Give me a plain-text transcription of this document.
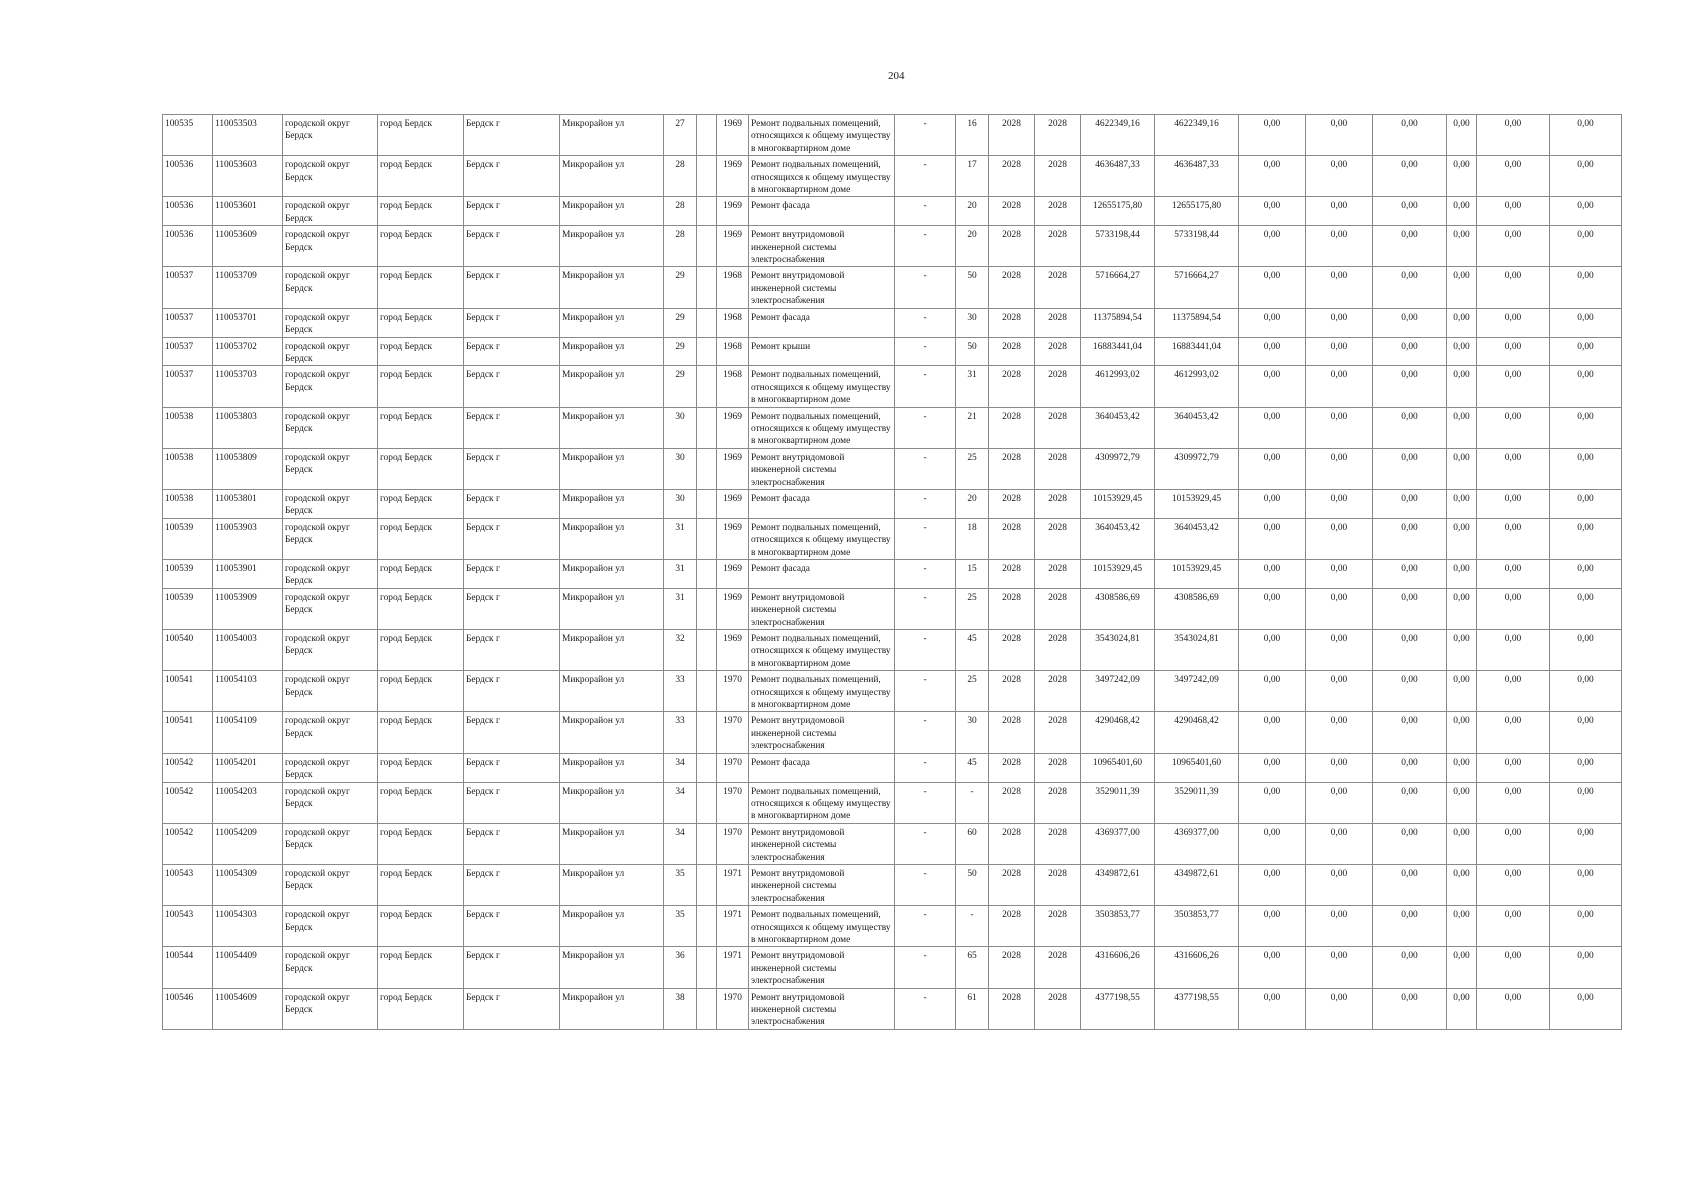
204
100535	110053503	городской округ Бердск	город Бердск	Бердск г	Микрорайон ул	27		1969	Ремонт подвальных помещений, относящихся к общему имуществу в многоквартирном доме	-	16	2028	2028	4622349,16	4622349,16	0,00	0,00	0,00	0,00	0,00	0,00
100536	110053603	городской округ Бердск	город Бердск	Бердск г	Микрорайон ул	28		1969	Ремонт подвальных помещений, относящихся к общему имуществу в многоквартирном доме	-	17	2028	2028	4636487,33	4636487,33	0,00	0,00	0,00	0,00	0,00	0,00
100536	110053601	городской округ Бердск	город Бердск	Бердск г	Микрорайон ул	28		1969	Ремонт фасада	-	20	2028	2028	12655175,80	12655175,80	0,00	0,00	0,00	0,00	0,00	0,00
100536	110053609	городской округ Бердск	город Бердск	Бердск г	Микрорайон ул	28		1969	Ремонт внутридомовой инженерной системы электроснабжения	-	20	2028	2028	5733198,44	5733198,44	0,00	0,00	0,00	0,00	0,00	0,00
100537	110053709	городской округ Бердск	город Бердск	Бердск г	Микрорайон ул	29		1968	Ремонт внутридомовой инженерной системы электроснабжения	-	50	2028	2028	5716664,27	5716664,27	0,00	0,00	0,00	0,00	0,00	0,00
100537	110053701	городской округ Бердск	город Бердск	Бердск г	Микрорайон ул	29		1968	Ремонт фасада	-	30	2028	2028	11375894,54	11375894,54	0,00	0,00	0,00	0,00	0,00	0,00
100537	110053702	городской округ Бердск	город Бердск	Бердск г	Микрорайон ул	29		1968	Ремонт крыши	-	50	2028	2028	16883441,04	16883441,04	0,00	0,00	0,00	0,00	0,00	0,00
100537	110053703	городской округ Бердск	город Бердск	Бердск г	Микрорайон ул	29		1968	Ремонт подвальных помещений, относящихся к общему имуществу в многоквартирном доме	-	31	2028	2028	4612993,02	4612993,02	0,00	0,00	0,00	0,00	0,00	0,00
100538	110053803	городской округ Бердск	город Бердск	Бердск г	Микрорайон ул	30		1969	Ремонт подвальных помещений, относящихся к общему имуществу в многоквартирном доме	-	21	2028	2028	3640453,42	3640453,42	0,00	0,00	0,00	0,00	0,00	0,00
100538	110053809	городской округ Бердск	город Бердск	Бердск г	Микрорайон ул	30		1969	Ремонт внутридомовой инженерной системы электроснабжения	-	25	2028	2028	4309972,79	4309972,79	0,00	0,00	0,00	0,00	0,00	0,00
100538	110053801	городской округ Бердск	город Бердск	Бердск г	Микрорайон ул	30		1969	Ремонт фасада	-	20	2028	2028	10153929,45	10153929,45	0,00	0,00	0,00	0,00	0,00	0,00
100539	110053903	городской округ Бердск	город Бердск	Бердск г	Микрорайон ул	31		1969	Ремонт подвальных помещений, относящихся к общему имуществу в многоквартирном доме	-	18	2028	2028	3640453,42	3640453,42	0,00	0,00	0,00	0,00	0,00	0,00
100539	110053901	городской округ Бердск	город Бердск	Бердск г	Микрорайон ул	31		1969	Ремонт фасада	-	15	2028	2028	10153929,45	10153929,45	0,00	0,00	0,00	0,00	0,00	0,00
100539	110053909	городской округ Бердск	город Бердск	Бердск г	Микрорайон ул	31		1969	Ремонт внутридомовой инженерной системы электроснабжения	-	25	2028	2028	4308586,69	4308586,69	0,00	0,00	0,00	0,00	0,00	0,00
100540	110054003	городской округ Бердск	город Бердск	Бердск г	Микрорайон ул	32		1969	Ремонт подвальных помещений, относящихся к общему имуществу в многоквартирном доме	-	45	2028	2028	3543024,81	3543024,81	0,00	0,00	0,00	0,00	0,00	0,00
100541	110054103	городской округ Бердск	город Бердск	Бердск г	Микрорайон ул	33		1970	Ремонт подвальных помещений, относящихся к общему имуществу в многоквартирном доме	-	25	2028	2028	3497242,09	3497242,09	0,00	0,00	0,00	0,00	0,00	0,00
100541	110054109	городской округ Бердск	город Бердск	Бердск г	Микрорайон ул	33		1970	Ремонт внутридомовой инженерной системы электроснабжения	-	30	2028	2028	4290468,42	4290468,42	0,00	0,00	0,00	0,00	0,00	0,00
100542	110054201	городской округ Бердск	город Бердск	Бердск г	Микрорайон ул	34		1970	Ремонт фасада	-	45	2028	2028	10965401,60	10965401,60	0,00	0,00	0,00	0,00	0,00	0,00
100542	110054203	городской округ Бердск	город Бердск	Бердск г	Микрорайон ул	34		1970	Ремонт подвальных помещений, относящихся к общему имуществу в многоквартирном доме	-	-	2028	2028	3529011,39	3529011,39	0,00	0,00	0,00	0,00	0,00	0,00
100542	110054209	городской округ Бердск	город Бердск	Бердск г	Микрорайон ул	34		1970	Ремонт внутридомовой инженерной системы электроснабжения	-	60	2028	2028	4369377,00	4369377,00	0,00	0,00	0,00	0,00	0,00	0,00
100543	110054309	городской округ Бердск	город Бердск	Бердск г	Микрорайон ул	35		1971	Ремонт внутридомовой инженерной системы электроснабжения	-	50	2028	2028	4349872,61	4349872,61	0,00	0,00	0,00	0,00	0,00	0,00
100543	110054303	городской округ Бердск	город Бердск	Бердск г	Микрорайон ул	35		1971	Ремонт подвальных помещений, относящихся к общему имуществу в многоквартирном доме	-	-	2028	2028	3503853,77	3503853,77	0,00	0,00	0,00	0,00	0,00	0,00
100544	110054409	городской округ Бердск	город Бердск	Бердск г	Микрорайон ул	36		1971	Ремонт внутридомовой инженерной системы электроснабжения	-	65	2028	2028	4316606,26	4316606,26	0,00	0,00	0,00	0,00	0,00	0,00
100546	110054609	городской округ Бердск	город Бердск	Бердск г	Микрорайон ул	38		1970	Ремонт внутридомовой инженерной системы электроснабжения	-	61	2028	2028	4377198,55	4377198,55	0,00	0,00	0,00	0,00	0,00	0,00
